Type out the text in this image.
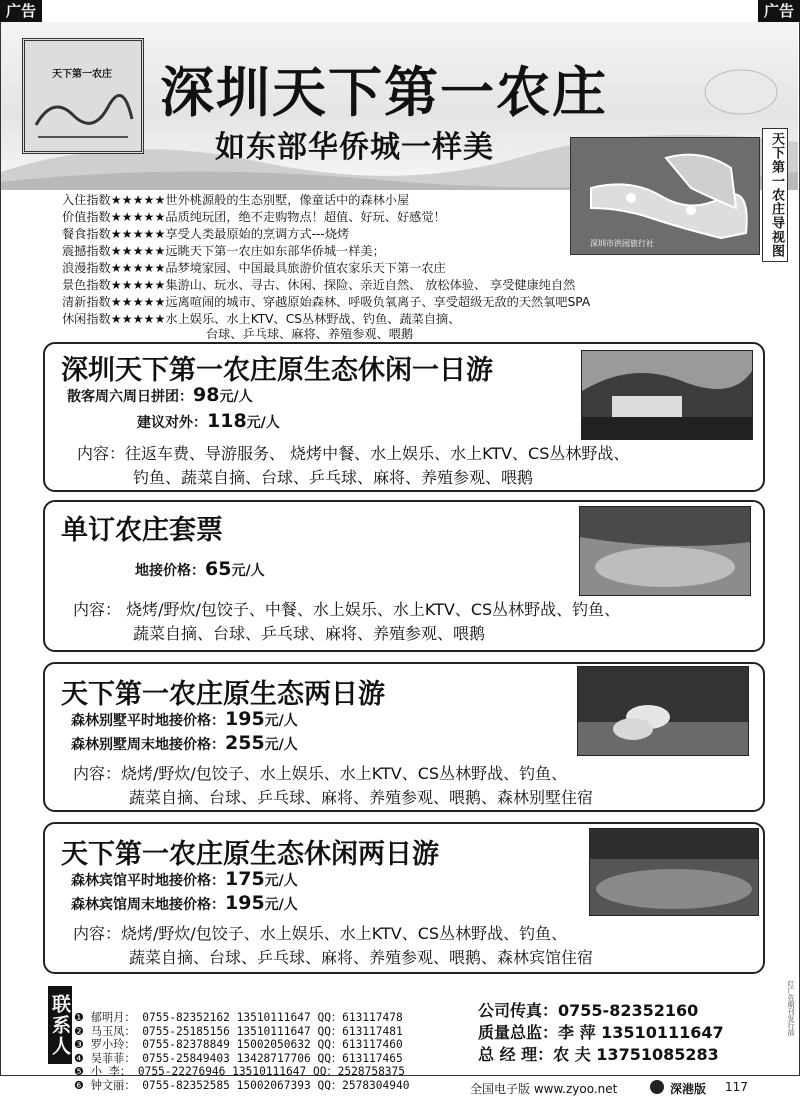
广告	广告
天下第一农庄 深圳天下第一农庄
如东部华侨城一样美
深圳市洪园旅行社	天下第一农庄导视图
入住指数★★★★★世外桃源般的生态别墅，像童话中的森林小屋
价值指数★★★★★品质纯玩团，绝不走购物点！超值、好玩、好感觉！
餐食指数★★★★★享受人类最原始的烹调方式---烧烤
震撼指数★★★★★远眺天下第一农庄如东部华侨城一样美；
浪漫指数★★★★★品梦境家园、中国最具旅游价值农家乐天下第一农庄
景色指数★★★★★集游山、玩水、寻古、休闲、探险、亲近自然、 放松体验、 享受健康纯自然
清新指数★★★★★远离喧闹的城市、穿越原始森林、呼吸负氧离子、享受超级无敌的天然氧吧SPA
休闲指数★★★★★水上娱乐、水上KTV、CS丛林野战、钓鱼、蔬菜自摘、
台球、乒乓球、麻将、养殖参观、喂鹅
深圳天下第一农庄原生态休闲一日游
散客周六周日拼团：98元/人
建议对外：118元/人
内容：往返车费、导游服务、 烧烤中餐、水上娱乐、水上KTV、CS丛林野战、
钓鱼、蔬菜自摘、台球、乒乓球、麻将、养殖参观、喂鹅
单订农庄套票
地接价格：65元/人
内容： 烧烤/野炊/包饺子、中餐、水上娱乐、水上KTV、CS丛林野战、钓鱼、
蔬菜自摘、台球、乒乓球、麻将、养殖参观、喂鹅
天下第一农庄原生态两日游
森林别墅平时地接价格：195元/人
森林别墅周末地接价格：255元/人
内容：烧烤/野炊/包饺子、水上娱乐、水上KTV、CS丛林野战、钓鱼、
蔬菜自摘、台球、乒乓球、麻将、养殖参观、喂鹅、森林别墅住宿
天下第一农庄原生态休闲两日游
森林宾馆平时地接价格：175元/人
森林宾馆周末地接价格：195元/人
内容：烧烤/野炊/包饺子、水上娱乐、水上KTV、CS丛林野战、钓鱼、
蔬菜自摘、台球、乒乓球、麻将、养殖参观、喂鹅、森林宾馆住宿
联系人 ❶ 郁明月： 0755-82352162 13510111647 QQ：613117478
❷ 马玉凤： 0755-25185156 13510111647 QQ：613117481
❸ 罗小玲： 0755-82378849 15002050632 QQ：613117460
❹ 吴菲菲： 0755-25849403 13428717706 QQ：613117465
❺ 小 李： 0755-22276946 13510111647 QQ：2528758375
❻ 钟文丽： 0755-82352585 15002067393 QQ：2578304940
公司传真：0755-82352160
质量总监：李 萍 13510111647
总 经 理：农 夫 13751085283
全国电子版 www.zyoo.net	深港版 117
红广告期刊发行部
